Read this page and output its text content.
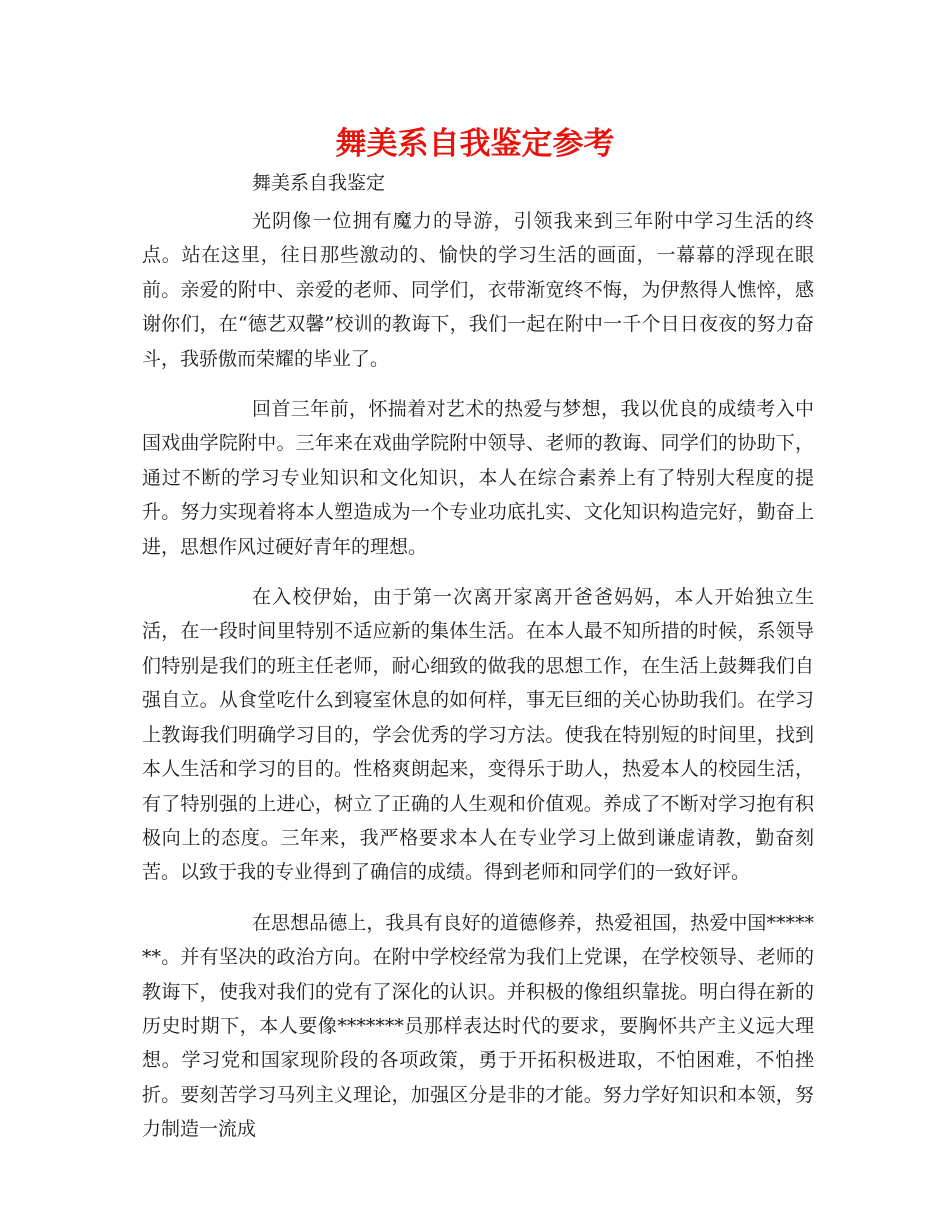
舞美系自我鉴定参考

舞美系自我鉴定

光阴像一位拥有魔力的导游，引领我来到三年附中学习生活的终点。站在这里，往日那些激动的、愉快的学习生活的画面，一幕幕的浮现在眼前。亲爱的附中、亲爱的老师、同学们，衣带渐宽终不悔，为伊熬得人憔悴，感谢你们，在“德艺双馨”校训的教诲下，我们一起在附中一千个日日夜夜的努力奋斗，我骄傲而荣耀的毕业了。

回首三年前，怀揣着对艺术的热爱与梦想，我以优良的成绩考入中国戏曲学院附中。三年来在戏曲学院附中领导、老师的教诲、同学们的协助下，通过不断的学习专业知识和文化知识，本人在综合素养上有了特别大程度的提升。努力实现着将本人塑造成为一个专业功底扎实、文化知识构造完好，勤奋上进，思想作风过硬好青年的理想。

在入校伊始，由于第一次离开家离开爸爸妈妈，本人开始独立生活，在一段时间里特别不适应新的集体生活。在本人最不知所措的时候，系领导们特别是我们的班主任老师，耐心细致的做我的思想工作，在生活上鼓舞我们自强自立。从食堂吃什么到寝室休息的如何样，事无巨细的关心协助我们。在学习上教诲我们明确学习目的，学会优秀的学习方法。使我在特别短的时间里，找到本人生活和学习的目的。性格爽朗起来，变得乐于助人，热爱本人的校园生活，有了特别强的上进心，树立了正确的人生观和价值观。养成了不断对学习抱有积极向上的态度。三年来，我严格要求本人在专业学习上做到谦虚请教，勤奋刻苦。以致于我的专业得到了确信的成绩。得到老师和同学们的一致好评。

在思想品德上，我具有良好的道德修养，热爱祖国，热爱中国*******。并有坚决的政治方向。在附中学校经常为我们上党课，在学校领导、老师的教诲下，使我对我们的党有了深化的认识。并积极的像组织靠拢。明白得在新的历史时期下，本人要像*******员那样表达时代的要求，要胸怀共产主义远大理想。学习党和国家现阶段的各项政策，勇于开拓积极进取，不怕困难，不怕挫折。要刻苦学习马列主义理论，加强区分是非的才能。努力学好知识和本领，努力制造一流成
